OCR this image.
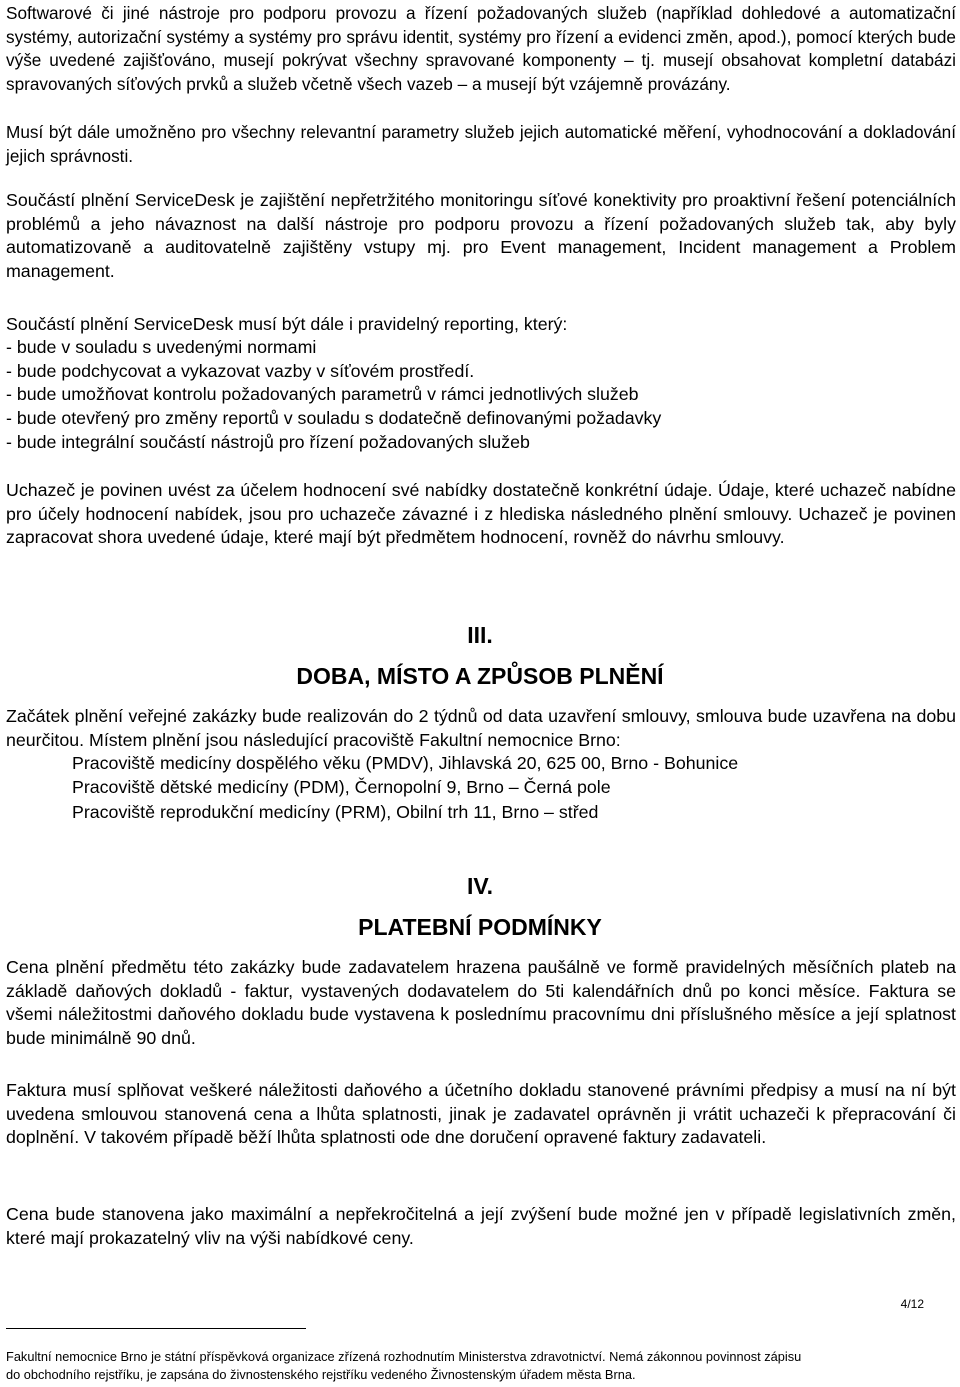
Softwarové či jiné nástroje pro podporu provozu a řízení požadovaných služeb (například dohledové a automatizační systémy, autorizační systémy a systémy pro správu identit, systémy pro řízení a evidenci změn, apod.), pomocí kterých bude výše uvedené zajišťováno, musejí pokrývat všechny spravované komponenty – tj. musejí obsahovat kompletní databázi spravovaných síťových prvků a služeb včetně všech vazeb – a musejí být vzájemně provázány.

Musí být dále umožněno pro všechny relevantní parametry služeb jejich automatické měření, vyhodnocování a dokladování jejich správnosti.

Součástí plnění ServiceDesk je zajištění nepřetržitého monitoringu síťové konektivity pro proaktivní řešení potenciálních problémů a jeho návaznost na další nástroje pro podporu provozu a řízení požadovaných služeb tak, aby byly automatizovaně a auditovatelně zajištěny vstupy mj. pro Event management, Incident management a Problem management.

Součástí plnění ServiceDesk musí být dále i pravidelný reporting, který:

- bude v souladu s uvedenými normami
- bude podchycovat a vykazovat vazby v síťovém prostředí.
- bude umožňovat kontrolu požadovaných parametrů v rámci jednotlivých služeb
- bude otevřený pro změny reportů v souladu s dodatečně definovanými požadavky
- bude integrální součástí nástrojů pro řízení požadovaných služeb

Uchazeč je povinen uvést za účelem hodnocení své nabídky dostatečně konkrétní údaje. Údaje, které uchazeč nabídne pro účely hodnocení nabídek, jsou pro uchazeče závazné i z hlediska následného plnění smlouvy. Uchazeč je povinen zapracovat shora uvedené údaje, které mají být předmětem hodnocení, rovněž do návrhu smlouvy.

III.
DOBA, MÍSTO A ZPŮSOB PLNĚNÍ

Začátek plnění veřejné zakázky bude realizován do 2 týdnů od data uzavření smlouvy, smlouva bude uzavřena na dobu neurčitou. Místem plnění jsou následující pracoviště Fakultní nemocnice Brno:

Pracoviště medicíny dospělého věku (PMDV), Jihlavská 20, 625 00, Brno - Bohunice
Pracoviště dětské medicíny (PDM), Černopolní 9, Brno – Černá pole
Pracoviště reprodukční medicíny (PRM), Obilní trh 11, Brno – střed
IV.
PLATEBNÍ PODMÍNKY

Cena plnění předmětu této zakázky bude zadavatelem hrazena paušálně ve formě pravidelných měsíčních plateb na základě daňových dokladů - faktur, vystavených dodavatelem do 5ti kalendářních dnů po konci měsíce. Faktura se všemi náležitostmi daňového dokladu bude vystavena k poslednímu pracovnímu dni příslušného měsíce a její splatnost bude minimálně 90 dnů.

Faktura musí splňovat veškeré náležitosti daňového a účetního dokladu stanovené právními předpisy a musí na ní být uvedena smlouvou stanovená cena a lhůta splatnosti, jinak je zadavatel oprávněn ji vrátit uchazeči k přepracování či doplnění. V takovém případě běží lhůta splatnosti ode dne doručení opravené faktury zadavateli.

Cena bude stanovena jako maximální a nepřekročitelná a její zvýšení bude možné jen v případě legislativních změn, které mají prokazatelný vliv na výši nabídkové ceny.

4/12
Fakultní nemocnice Brno je státní příspěvková organizace zřízená rozhodnutím Ministerstva zdravotnictví. Nemá zákonnou povinnost zápisu
do obchodního rejstříku, je zapsána do živnostenského rejstříku vedeného Živnostenským úřadem města Brna.
